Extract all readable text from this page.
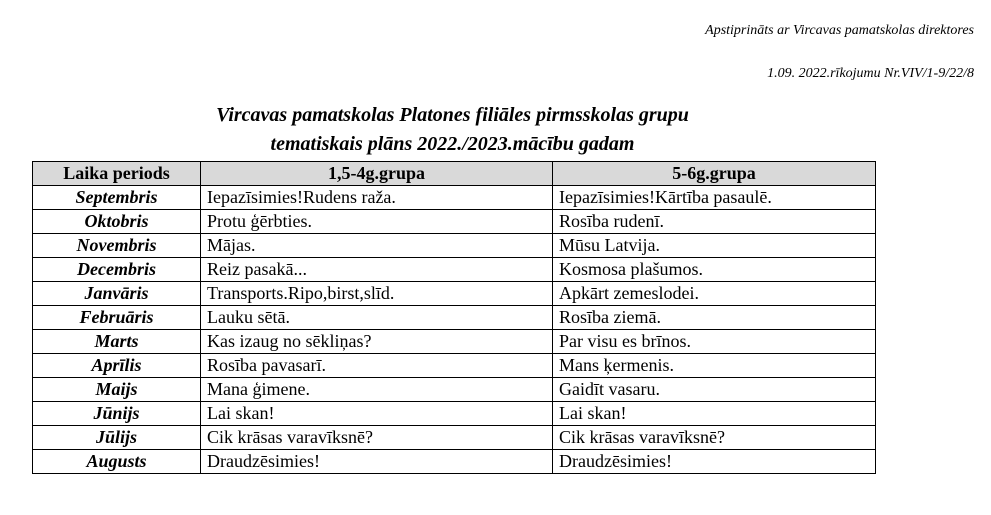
Apstiprināts ar Vircavas pamatskolas direktores
1.09. 2022.rīkojumu Nr.VIV/1-9/22/8
Vircavas pamatskolas Platones filiāles pirmsskolas grupu
tematiskais plāns 2022./2023.mācību gadam
Laika periods	1,5-4g.grupa	5-6g.grupa
Septembris	Iepazīsimies!Rudens raža.	Iepazīsimies!Kārtība pasaulē.
Oktobris	Protu ģērbties.	Rosība rudenī.
Novembris	Mājas.	Mūsu Latvija.
Decembris	Reiz pasakā...	Kosmosa plašumos.
Janvāris	Transports.Ripo,birst,slīd.	Apkārt zemeslodei.
Februāris	Lauku sētā.	Rosība ziemā.
Marts	Kas izaug no sēkliņas?	Par visu es brīnos.
Aprīlis	Rosība pavasarī.	Mans ķermenis.
Maijs	Mana ģimene.	Gaidīt vasaru.
Jūnijs	Lai skan!	Lai skan!
Jūlijs	Cik krāsas varavīksnē?	Cik krāsas varavīksnē?
Augusts	Draudzēsimies!	Draudzēsimies!
